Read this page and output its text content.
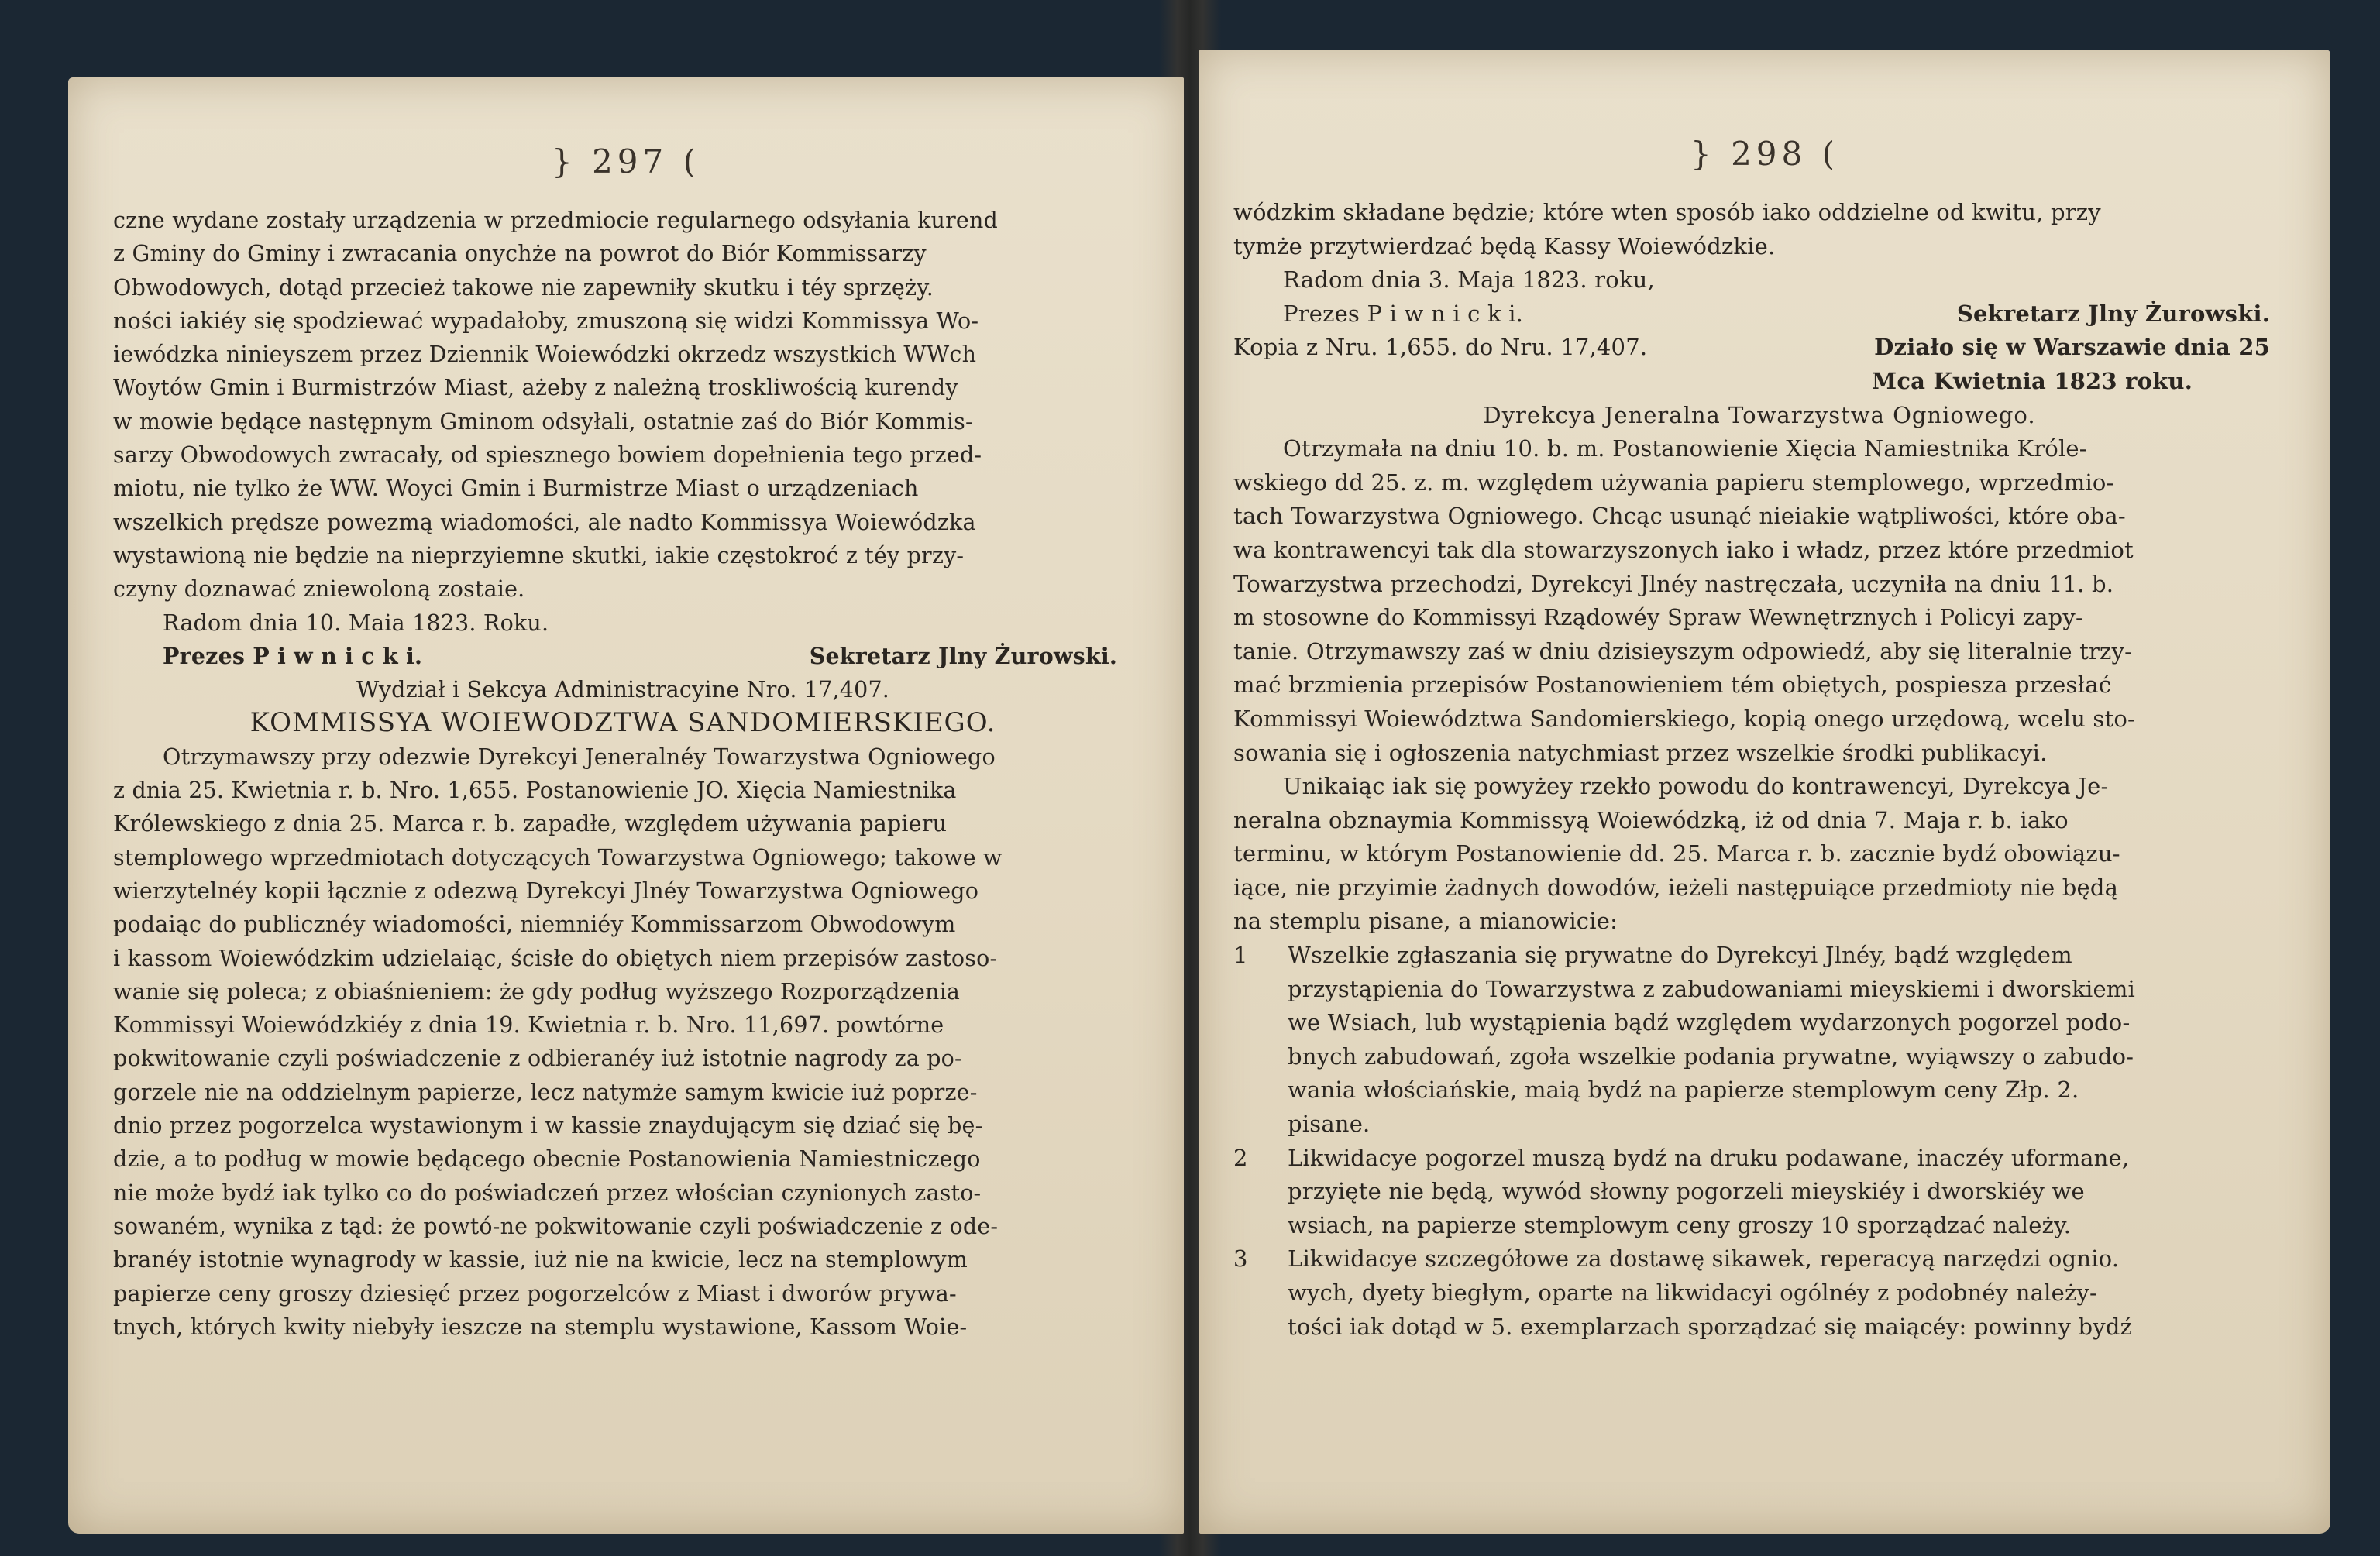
} 297 (
czne wydane zostały urządzenia w przedmiocie regularnego odsyłania kurend
z Gminy do Gminy i zwracania onychże na powrot do Biór Kommissarzy
Obwodowych, dotąd przecież takowe nie zapewniły skutku i téy sprzęży.
ności iakiéy się spodziewać wypadałoby, zmuszoną się widzi Kommissya Wo-
iewódzka ninieyszem przez Dziennik Woiewódzki okrzedz wszystkich WWch
Woytów Gmin i Burmistrzów Miast, ażeby z należną troskliwością kurendy
w mowie będące następnym Gminom odsyłali, ostatnie zaś do Biór Kommis-
sarzy Obwodowych zwracały, od spiesznego bowiem dopełnienia tego przed-
miotu, nie tylko że WW. Woyci Gmin i Burmistrze Miast o urządzeniach
wszelkich prędsze powezmą wiadomości, ale nadto Kommissya Woiewódzka
wystawioną nie będzie na nieprzyiemne skutki, iakie częstokroć z téy przy-
czyny doznawać zniewoloną zostaie.
Radom dnia 10. Maia 1823. Roku.
Prezes P i w n i c k i.	Sekretarz Jlny Żurowski.
Wydział i Sekcya Administracyine Nro. 17,407.
KOMMISSYA WOIEWODZTWA SANDOMIERSKIEGO.
Otrzymawszy przy odezwie Dyrekcyi Jeneralnéy Towarzystwa Ogniowego
z dnia 25. Kwietnia r. b. Nro. 1,655. Postanowienie JO. Xięcia Namiestnika
Królewskiego z dnia 25. Marca r. b. zapadłe, względem używania papieru
stemplowego wprzedmiotach dotyczących Towarzystwa Ogniowego; takowe w
wierzytelnéy kopii łącznie z odezwą Dyrekcyi Jlnéy Towarzystwa Ogniowego
podaiąc do publicznéy wiadomości, niemniéy Kommissarzom Obwodowym
i kassom Woiewódzkim udzielaiąc, ścisłe do obiętych niem przepisów zastoso-
wanie się poleca; z obiaśnieniem: że gdy podług wyższego Rozporządzenia
Kommissyi Woiewódzkiéy z dnia 19. Kwietnia r. b. Nro. 11,697. powtórne
pokwitowanie czyli poświadczenie z odbieranéy iuż istotnie nagrody za po-
gorzele nie na oddzielnym papierze, lecz natymże samym kwicie iuż poprze-
dnio przez pogorzelca wystawionym i w kassie znaydującym się dziać się bę-
dzie, a to podług w mowie będącego obecnie Postanowienia Namiestniczego
nie może bydź iak tylko co do poświadczeń przez włościan czynionych zasto-
sowaném, wynika z tąd: że powtó-ne pokwitowanie czyli poświadczenie z ode-
branéy istotnie wynagrody w kassie, iuż nie na kwicie, lecz na stemplowym
papierze ceny groszy dziesięć przez pogorzelców z Miast i dworów prywa-
tnych, których kwity niebyły ieszcze na stemplu wystawione, Kassom Woie-
} 298 (
wódzkim składane będzie; które wten sposób iako oddzielne od kwitu, przy
tymże przytwierdzać będą Kassy Woiewódzkie.
Radom dnia 3. Maja 1823. roku,
Prezes P i w n i c k i.	Sekretarz Jlny Żurowski.
Kopia z Nru. 1,655. do Nru. 17,407.	Działo się w Warszawie dnia 25
Mca Kwietnia 1823 roku.
Dyrekcya Jeneralna Towarzystwa Ogniowego.
Otrzymała na dniu 10. b. m. Postanowienie Xięcia Namiestnika Króle-
wskiego dd 25. z. m. względem używania papieru stemplowego, wprzedmio-
tach Towarzystwa Ogniowego. Chcąc usunąć nieiakie wątpliwości, które oba-
wa kontrawencyi tak dla stowarzyszonych iako i władz, przez które przedmiot
Towarzystwa przechodzi, Dyrekcyi Jlnéy nastręczała, uczyniła na dniu 11. b.
m stosowne do Kommissyi Rządowéy Spraw Wewnętrznych i Policyi zapy-
tanie. Otrzymawszy zaś w dniu dzisieyszym odpowiedź, aby się literalnie trzy-
mać brzmienia przepisów Postanowieniem tém obiętych, pospiesza przesłać
Kommissyi Woiewództwa Sandomierskiego, kopią onego urzędową, wcelu sto-
sowania się i ogłoszenia natychmiast przez wszelkie środki publikacyi.
Unikaiąc iak się powyżey rzekło powodu do kontrawencyi, Dyrekcya Je-
neralna obznaymia Kommissyą Woiewódzką, iż od dnia 7. Maja r. b. iako
terminu, w którym Postanowienie dd. 25. Marca r. b. zacznie bydź obowiązu-
iące, nie przyimie żadnych dowodów, ieżeli następuiące przedmioty nie będą
na stemplu pisane, a mianowicie:
1	Wszelkie zgłaszania się prywatne do Dyrekcyi Jlnéy, bądź względem
przystąpienia do Towarzystwa z zabudowaniami mieyskiemi i dworskiemi
we Wsiach, lub wystąpienia bądź względem wydarzonych pogorzel podo-
bnych zabudowań, zgoła wszelkie podania prywatne, wyiąwszy o zabudo-
wania włościańskie, maią bydź na papierze stemplowym ceny Złp. 2.
pisane.
2	Likwidacye pogorzel muszą bydź na druku podawane, inaczéy uformane,
przyięte nie będą, wywód słowny pogorzeli mieyskiéy i dworskiéy we
wsiach, na papierze stemplowym ceny groszy 10 sporządzać należy.
3	Likwidacye szczegółowe za dostawę sikawek, reperacyą narzędzi ognio.
wych, dyety biegłym, oparte na likwidacyi ogólnéy z podobnéy należy-
tości iak dotąd w 5. exemplarzach sporządzać się maiącéy: powinny bydź
